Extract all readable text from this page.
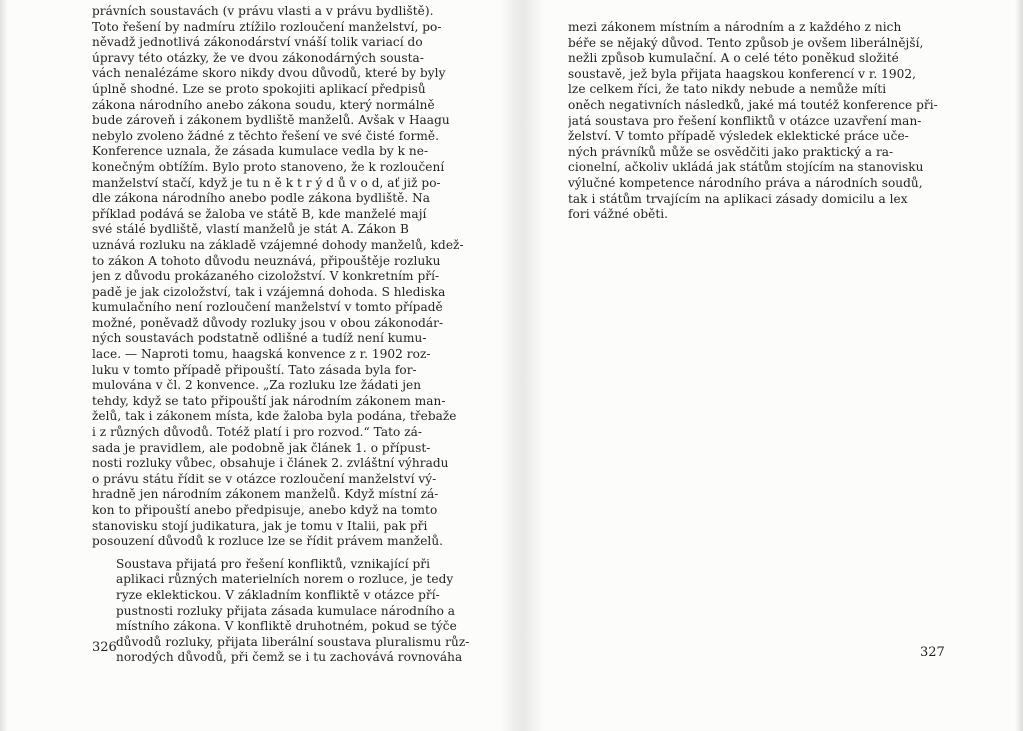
právních soustavách (v právu vlasti a v právu bydliště).
Toto řešení by nadmíru ztížilo rozloučení manželství, po-
něvadž jednotlivá zákonodárství vnáší tolik variací do
úpravy této otázky, že ve dvou zákonodárných sousta-
vách nenalézáme skoro nikdy dvou důvodů, které by byly
úplně shodné. Lze se proto spokojiti aplikací předpisů
zákona národního anebo zákona soudu, který normálně
bude zároveň i zákonem bydliště manželů. Avšak v Haagu
nebylo zvoleno žádné z těchto řešení ve své čisté formě.
Konference uznala, že zásada kumulace vedla by k ne-
konečným obtížím. Bylo proto stanoveno, že k rozloučení
manželství stačí, když je tu n ě k t r ý d ů v o d, ať již po-
dle zákona národního anebo podle zákona bydliště. Na
příklad podává se žaloba ve státě B, kde manželé mají
své stálé bydliště, vlastí manželů je stát A. Zákon B
uznává rozluku na základě vzájemné dohody manželů, kdež-
to zákon A tohoto důvodu neuznává, připouštěje rozluku
jen z důvodu prokázaného cizoložství. V konkretním pří-
padě je jak cizoložství, tak i vzájemná dohoda. S hlediska
kumulačního není rozloučení manželství v tomto případě
možné, poněvadž důvody rozluky jsou v obou zákonodár-
ných soustavách podstatně odlišné a tudíž není kumu-
lace. — Naproti tomu, haagská konvence z r. 1902 roz-
luku v tomto případě připouští. Tato zásada byla for-
mulována v čl. 2 konvence. „Za rozluku lze žádati jen
tehdy, když se tato připouští jak národním zákonem man-
želů, tak i zákonem místa, kde žaloba byla podána, třebaže
i z různých důvodů. Totéž platí i pro rozvod.“ Tato zá-
sada je pravidlem, ale podobně jak článek 1. o přípust-
nosti rozluky vůbec, obsahuje i článek 2. zvláštní výhradu
o právu státu řídit se v otázce rozloučení manželství vý-
hradně jen národním zákonem manželů. Když místní zá-
kon to připouští anebo předpisuje, anebo když na tomto
stanovisku stojí judikatura, jak je tomu v Italii, pak při
posouzení důvodů k rozluce lze se řídit právem manželů.

Soustava přijatá pro řešení konfliktů, vznikající při
aplikaci různých materielních norem o rozluce, je tedy
ryze eklektickou. V základním konfliktě v otázce pří-
pustnosti rozluky přijata zásada kumulace národního a
místního zákona. V konfliktě druhotném, pokud se týče
důvodů rozluky, přijata liberální soustava pluralismu růz-
norodých důvodů, při čemž se i tu zachovává rovnováha

mezi zákonem místním a národním a z každého z nich
béře se nějaký důvod. Tento způsob je ovšem liberálnější,
nežli způsob kumulační. A o celé této poněkud složité
soustavě, jež byla přijata haagskou konferencí v r. 1902,
lze celkem říci, že tato nikdy nebude a nemůže míti
oněch negativních následků, jaké má toutéž konference při-
jatá soustava pro řešení konfliktů v otázce uzavření man-
želství. V tomto případě výsledek eklektické práce uče-
ných právníků může se osvědčiti jako praktický a ra-
cionelní, ačkoliv ukládá jak státům stojícím na stanovisku
výlučné kompetence národního práva a národních soudů,
tak i státům trvajícím na aplikaci zásady domicilu a lex
fori vážné oběti.

326	327
